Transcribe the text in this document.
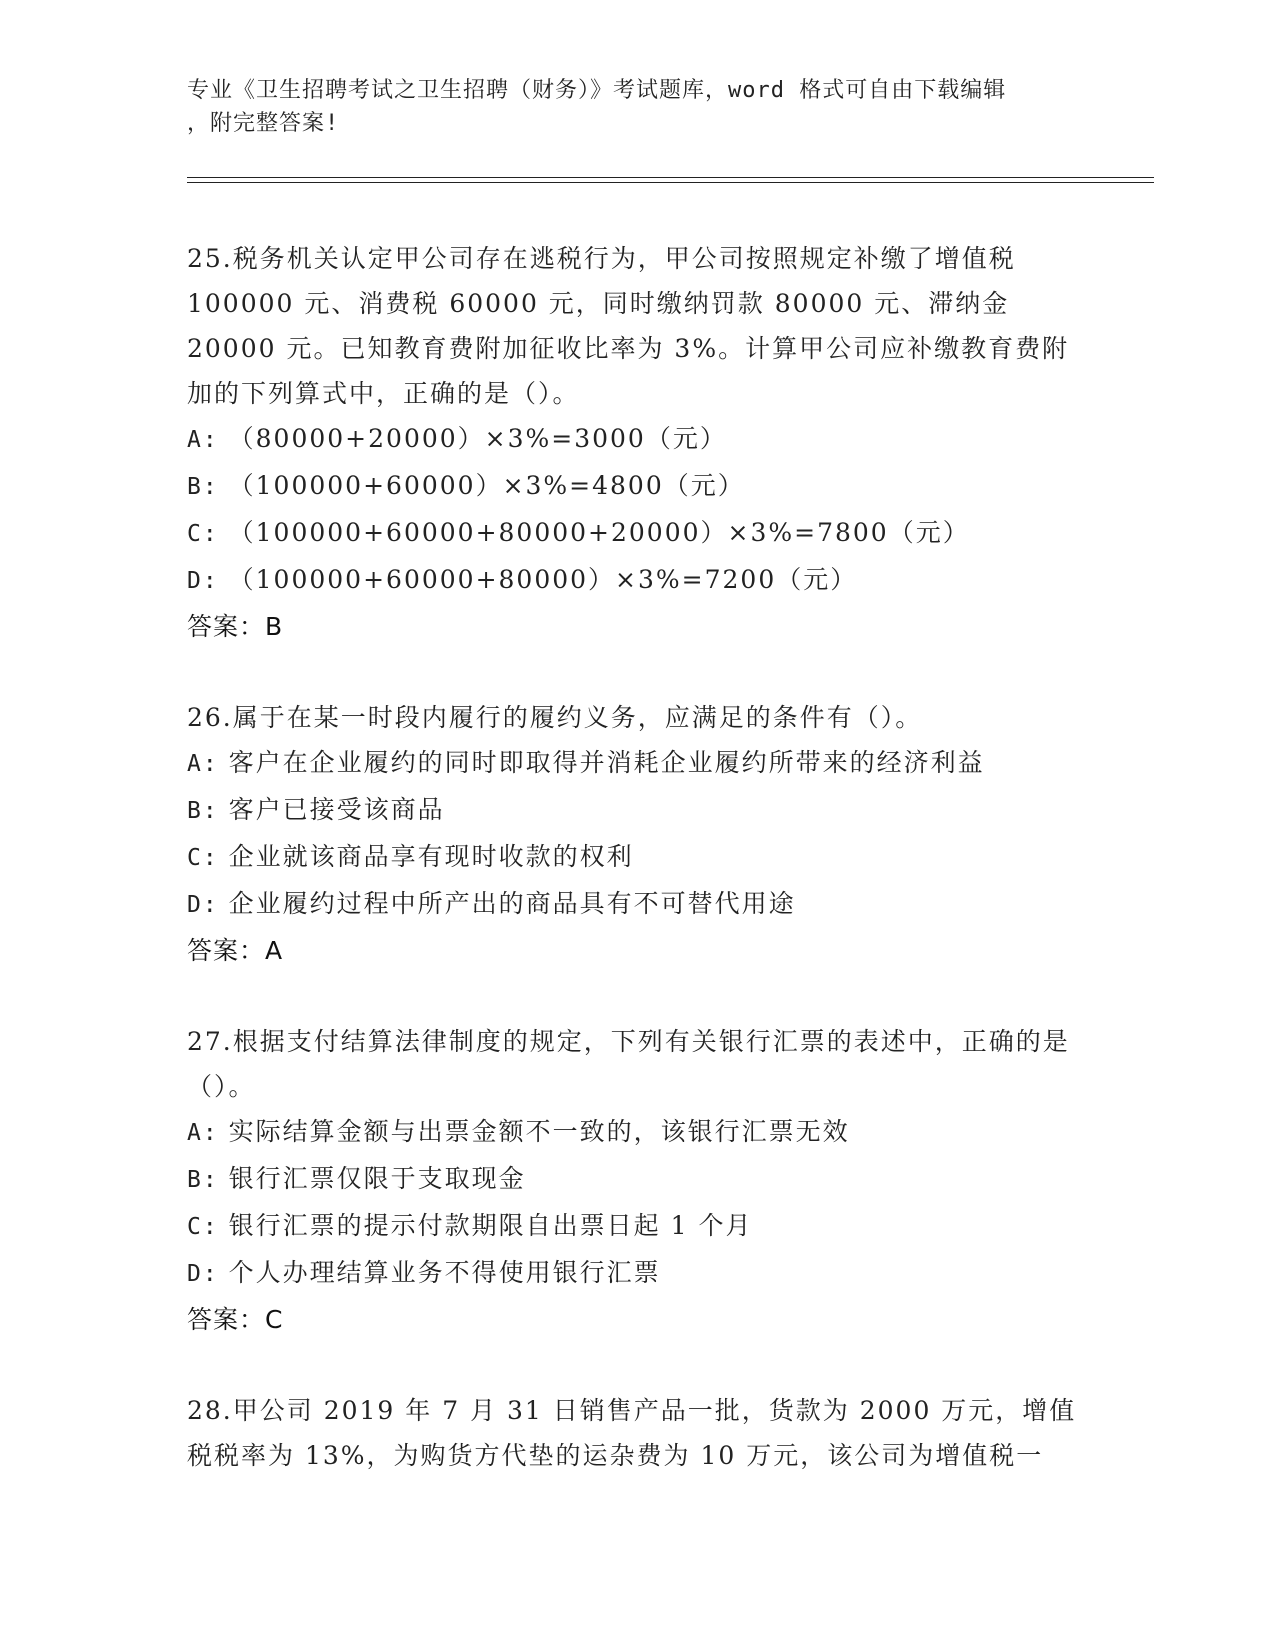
专业《卫生招聘考试之卫生招聘（财务）》考试题库，word 格式可自由下载编辑
，附完整答案!
25.税务机关认定甲公司存在逃税行为，甲公司按照规定补缴了增值税100000 元、消费税 60000 元，同时缴纳罚款 80000 元、滞纳金 20000 元。已知教育费附加征收比率为 3%。计算甲公司应补缴教育费附加的下列算式中，正确的是（）。
A: （80000+20000）×3%=3000（元）
B: （100000+60000）×3%=4800（元）
C: （100000+60000+80000+20000）×3%=7800（元）
D: （100000+60000+80000）×3%=7200（元）
答案：B
26.属于在某一时段内履行的履约义务，应满足的条件有（）。
A: 客户在企业履约的同时即取得并消耗企业履约所带来的经济利益
B: 客户已接受该商品
C: 企业就该商品享有现时收款的权利
D: 企业履约过程中所产出的商品具有不可替代用途
答案：A
27.根据支付结算法律制度的规定，下列有关银行汇票的表述中，正确的是（）。
A: 实际结算金额与出票金额不一致的，该银行汇票无效
B: 银行汇票仅限于支取现金
C: 银行汇票的提示付款期限自出票日起 1 个月
D: 个人办理结算业务不得使用银行汇票
答案：C
28.甲公司 2019 年 7 月 31 日销售产品一批，货款为 2000 万元，增值税税率为 13%，为购货方代垫的运杂费为 10 万元，该公司为增值税一
